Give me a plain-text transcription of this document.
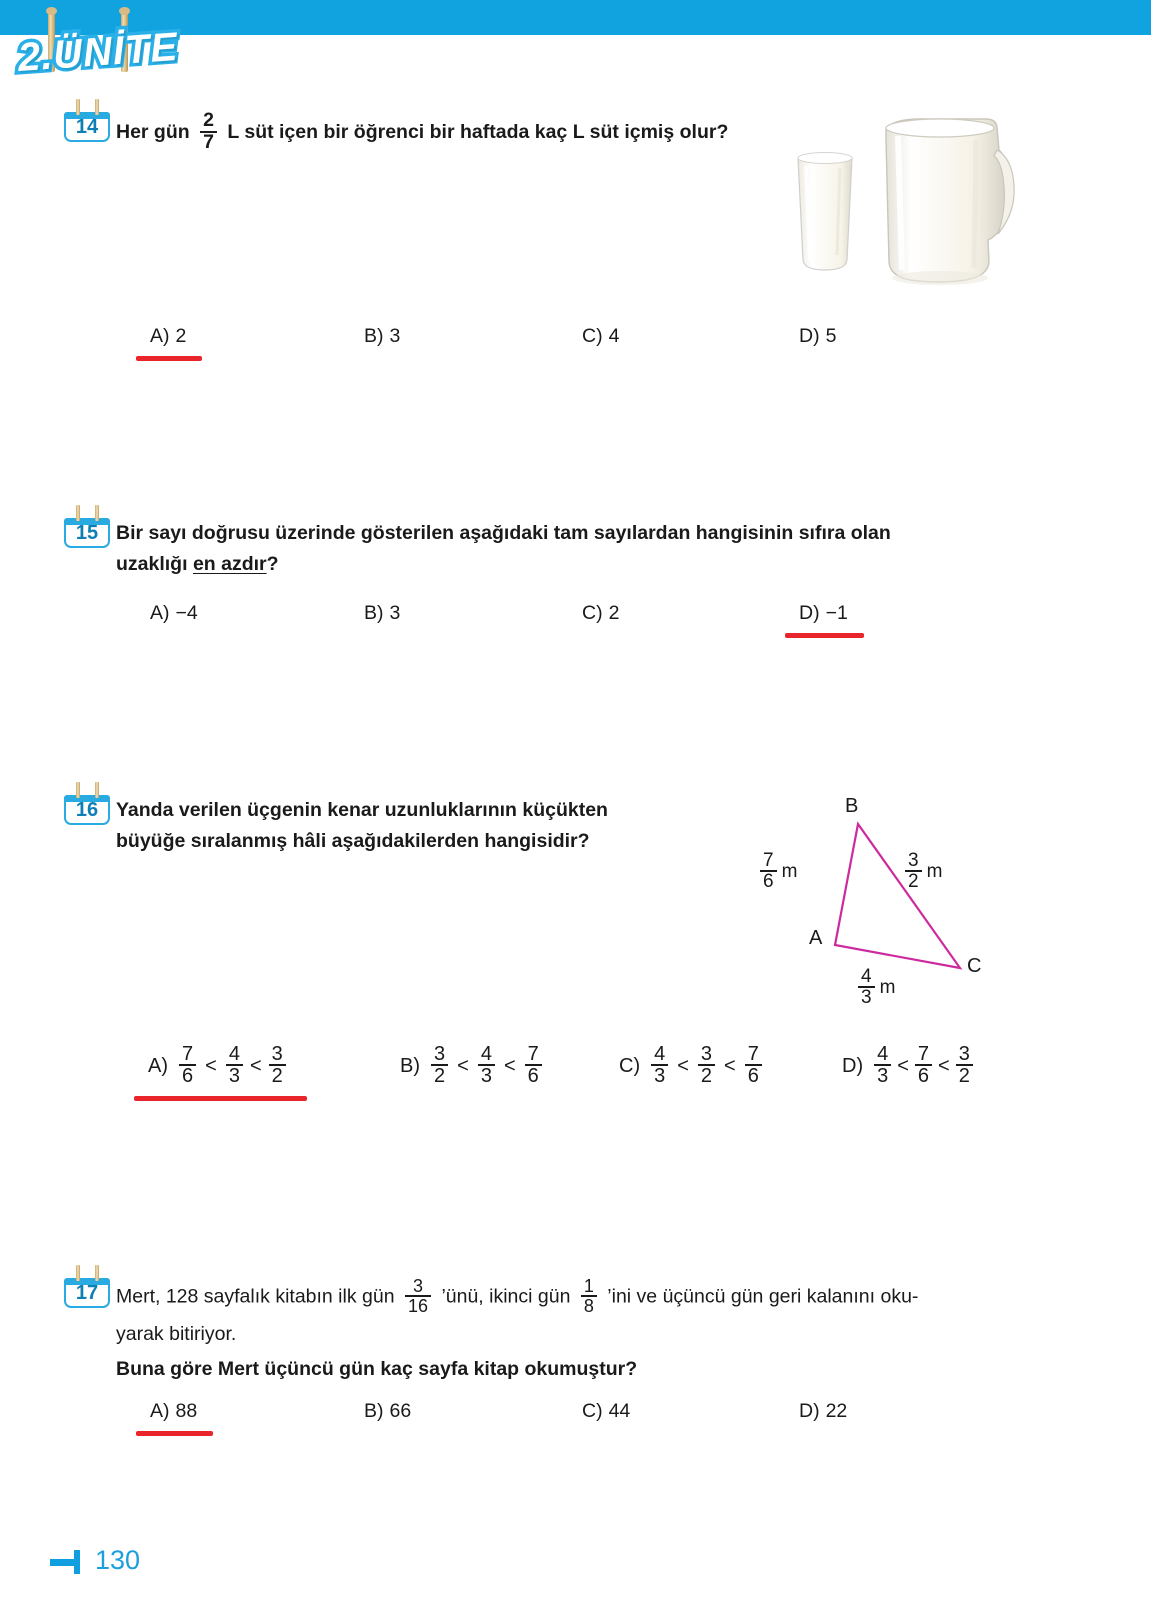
2.ÜNİTE
14 Her gün $\frac{2}{7}$ L süt içen bir öğrenci bir haftada kaç L süt içmiş olur?
A) 2	B) 3	C) 4	D) 5
15 Bir sayı doğrusu üzerinde gösterilen aşağıdaki tam sayılardan hangisinin sıfıra olan
uzaklığı en azdır?
A) −4	B) 3	C) 2	D) −1
16 Yanda verilen üçgenin kenar uzunluklarının küçükten
büyüğe sıralanmış hâli aşağıdakilerden hangisidir?
B
A
C
$\frac{7}{6}$ m	$\frac{3}{2}$ m
$\frac{4}{3}$ m
$A) \frac{7}{6} < \frac{4}{3} < \frac{3}{2}$	$B) \frac{3}{2} < \frac{4}{3} < \frac{7}{6}$	$C) \frac{4}{3} < \frac{3}{2} < \frac{7}{6}$	$D) \frac{4}{3} < \frac{7}{6} < \frac{3}{2}$
17 Mert, 128 sayfalık kitabın ilk gün $\frac{3}{16}$ ’ünü, ikinci gün $\frac{1}{8}$ ’ini ve üçüncü gün geri kalanını oku-
yarak bitiriyor.
Buna göre Mert üçüncü gün kaç sayfa kitap okumuştur?
A) 88	B) 66	C) 44	D) 22
130
